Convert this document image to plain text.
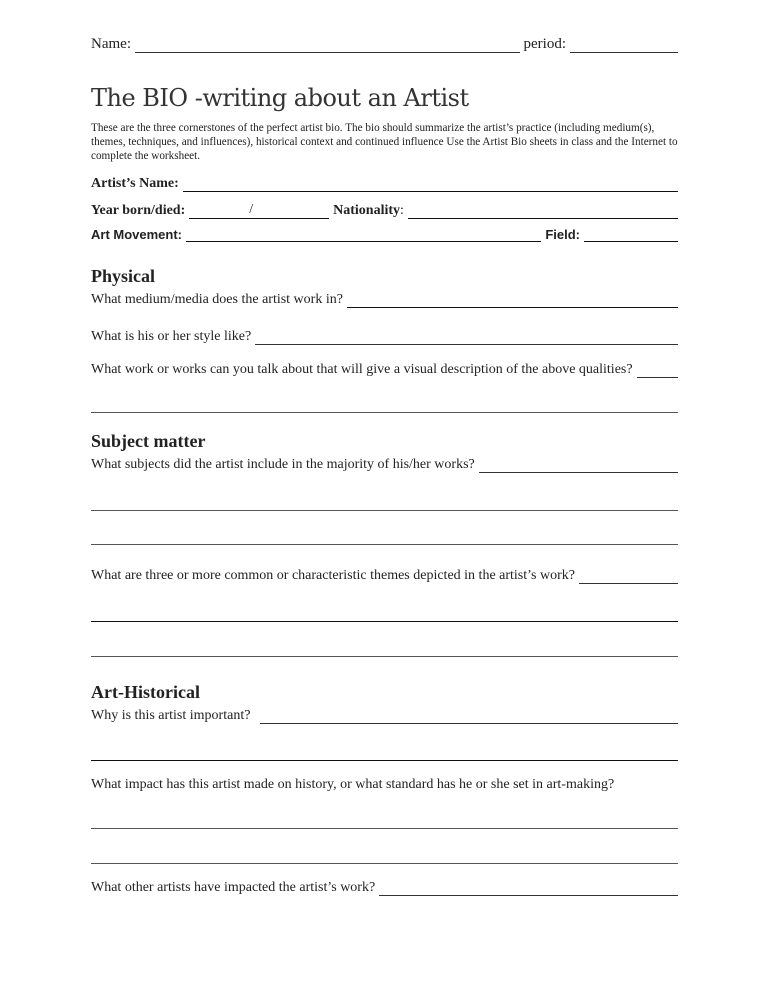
Name:	period:
The BIO -writing about an Artist
These are the three cornerstones of the perfect artist bio. The bio should summarize the artist’s practice (including medium(s), themes, techniques, and influences), historical context and continued influence Use the Artist Bio sheets in class and the Internet to complete the worksheet.
Artist’s Name:
Year born/died:	/	Nationality :
Art Movement:	Field:
Physical
What medium/media does the artist work in?
What is his or her style like?
What work or works can you talk about that will give a visual description of the above qualities?
Subject matter
What subjects did the artist include in the majority of his/her works?
What are three or more common or characteristic themes depicted in the artist’s work?
Art-Historical
Why is this artist important?
What impact has this artist made on history, or what standard has he or she set in art-making?
What other artists have impacted the artist’s work?
